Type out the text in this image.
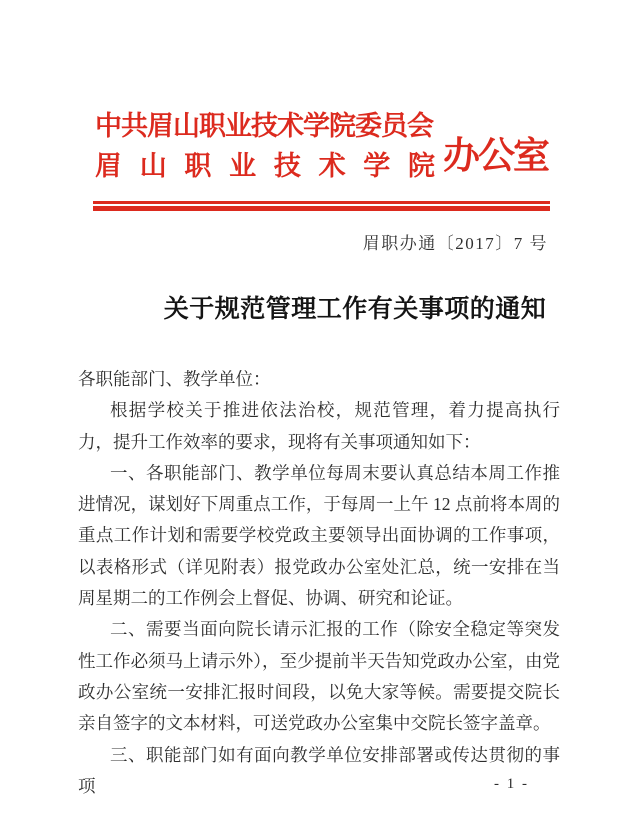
中共眉山职业技术学院委员会
眉山职业技术学院 办公室
眉职办通〔2017〕7 号
关于规范管理工作有关事项的通知

各职能部门、教学单位：

根据学校关于推进依法治校，规范管理，着力提高执行力，提升工作效率的要求，现将有关事项通知如下：

一、各职能部门、教学单位每周末要认真总结本周工作推进情况，谋划好下周重点工作，于每周一上午 12 点前将本周的重点工作计划和需要学校党政主要领导出面协调的工作事项，以表格形式（详见附表）报党政办公室处汇总，统一安排在当周星期二的工作例会上督促、协调、研究和论证。

二、需要当面向院长请示汇报的工作（除安全稳定等突发性工作必须马上请示外），至少提前半天告知党政办公室，由党政办公室统一安排汇报时间段，以免大家等候。需要提交院长亲自签字的文本材料，可送党政办公室集中交院长签字盖章。

三、职能部门如有面向教学单位安排部署或传达贯彻的事项	- 1 -
